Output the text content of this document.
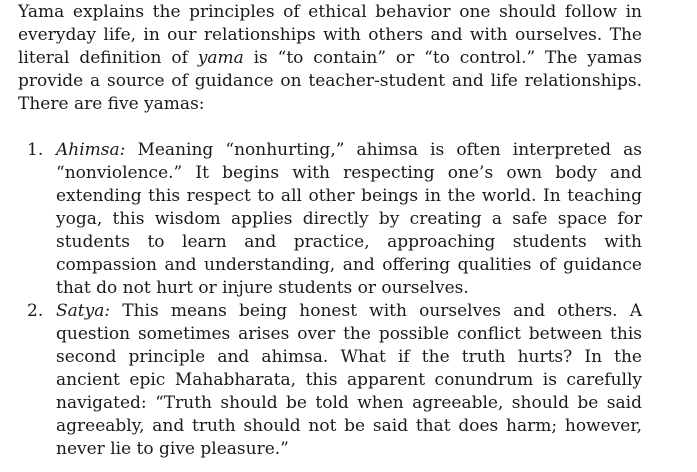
Yama explains the principles of ethical behavior one should follow in everyday life, in our relationships with others and with ourselves. The literal definition of yama is “to contain” or “to control.” The yamas provide a source of guidance on teacher-student and life relationships. There are five yamas:

1. Ahimsa: Meaning “nonhurting,” ahimsa is often interpreted as “nonviolence.” It begins with respecting one’s own body and extending this respect to all other beings in the world. In teaching yoga, this wisdom applies directly by creating a safe space for students to learn and practice, approaching students with compassion and understanding, and offering qualities of guidance that do not hurt or injure students or ourselves.
2. Satya: This means being honest with ourselves and others. A question sometimes arises over the possible conflict between this second principle and ahimsa. What if the truth hurts? In the ancient epic Mahabharata, this apparent conundrum is carefully navigated: “Truth should be told when agreeable, should be said agreeably, and truth should not be said that does harm; however, never lie to give pleasure.”
